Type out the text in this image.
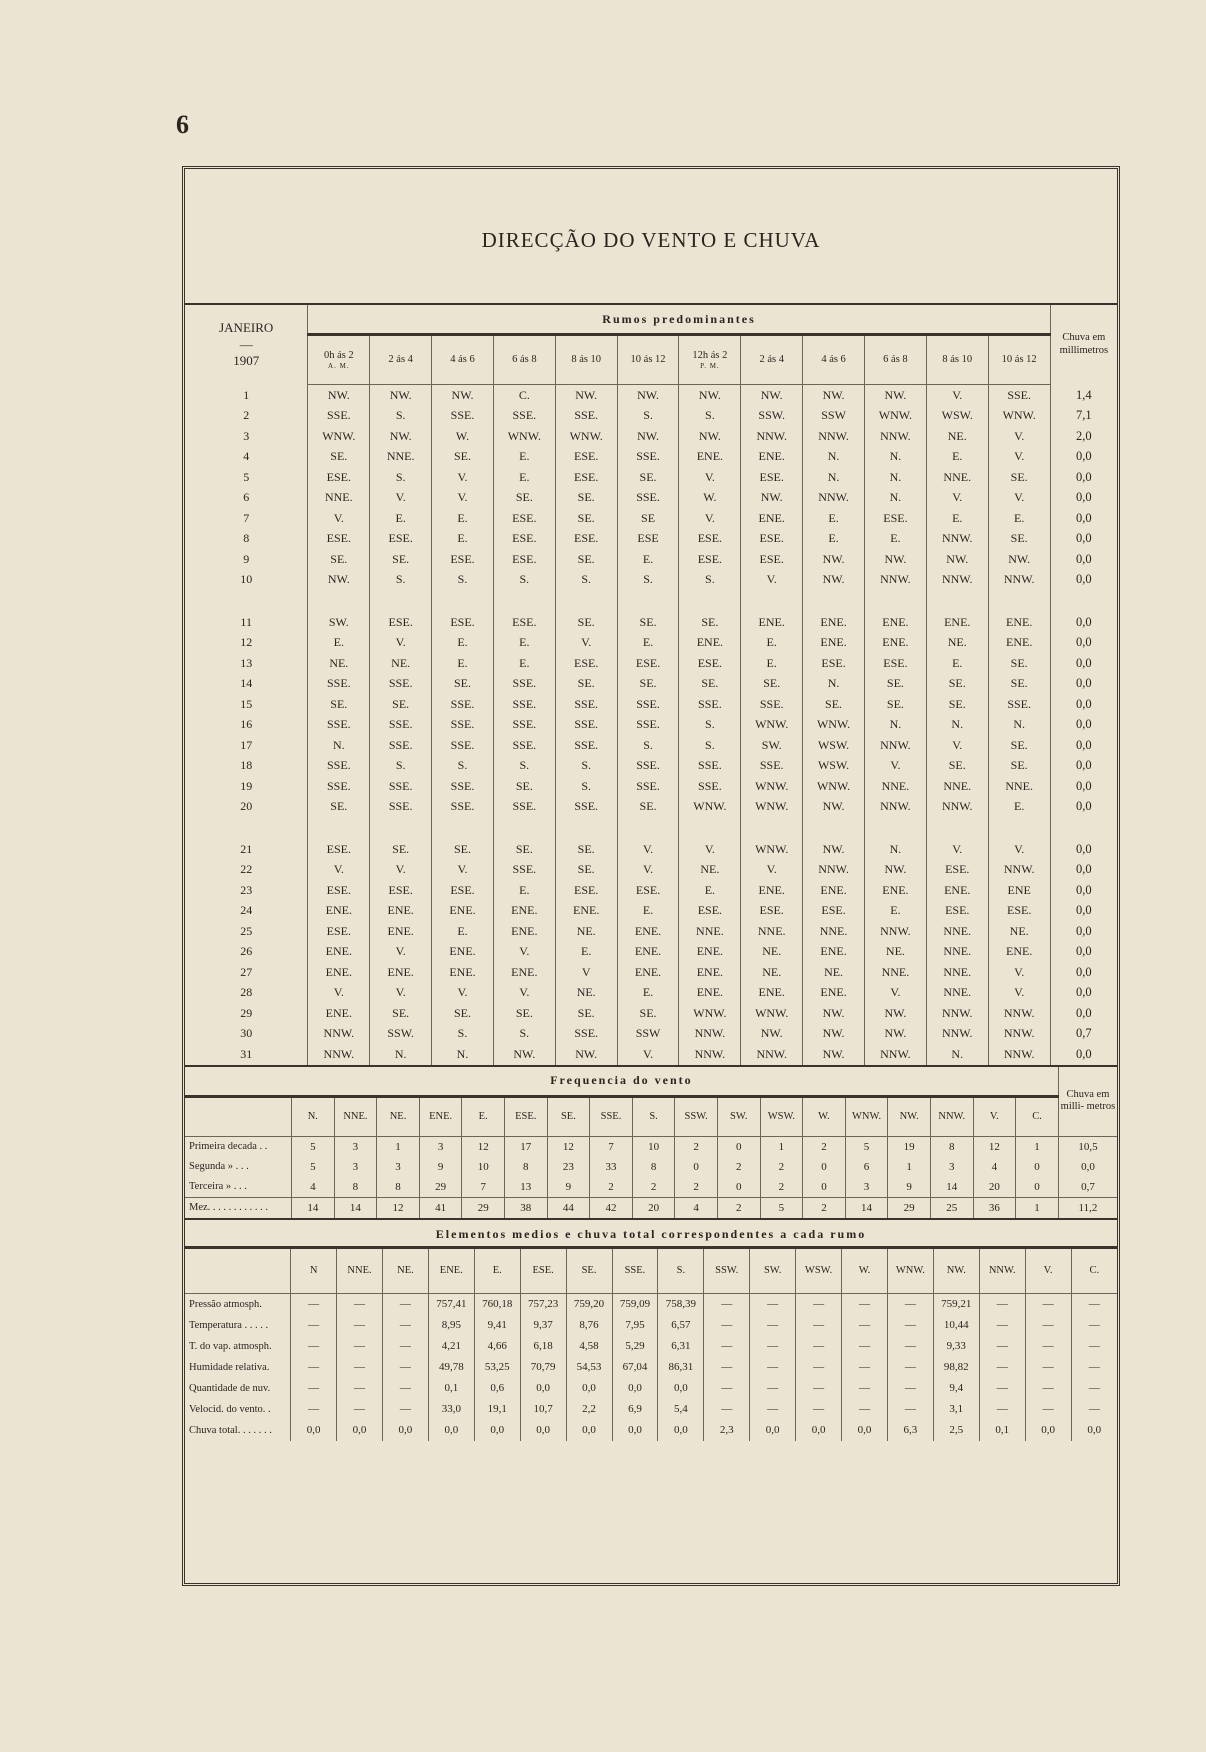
6
DIRECÇÃO DO VENTO E CHUVA
JANEIRO
—
1907	Rumos predominantes												Chuva em millimetros
	0h ás 2
A. M.	2 ás 4	4 ás 6	6 ás 8	8 ás 10	10 ás 12	12h ás 2
P. M.	2 ás 4	4 ás 6	6 ás 8	8 ás 10	10 ás 12	
1	NW.	NW.	NW.	C.	NW.	NW.	NW.	NW.	NW.	NW.	V.	SSE.	1,4
2	SSE.	S.	SSE.	SSE.	SSE.	S.	S.	SSW.	SSW	WNW.	WSW.	WNW.	7,1
3	WNW.	NW.	W.	WNW.	WNW.	NW.	NW.	NNW.	NNW.	NNW.	NE.	V.	2,0
4	SE.	NNE.	SE.	E.	ESE.	SSE.	ENE.	ENE.	N.	N.	E.	V.	0,0
5	ESE.	S.	V.	E.	ESE.	SE.	V.	ESE.	N.	N.	NNE.	SE.	0,0
6	NNE.	V.	V.	SE.	SE.	SSE.	W.	NW.	NNW.	N.	V.	V.	0,0
7	V.	E.	E.	ESE.	SE.	SE	V.	ENE.	E.	ESE.	E.	E.	0,0
8	ESE.	ESE.	E.	ESE.	ESE.	ESE	ESE.	ESE.	E.	E.	NNW.	SE.	0,0
9	SE.	SE.	ESE.	ESE.	SE.	E.	ESE.	ESE.	NW.	NW.	NW.	NW.	0,0
10	NW.	S.	S.	S.	S.	S.	S.	V.	NW.	NNW.	NNW.	NNW.	0,0

11	SW.	ESE.	ESE.	ESE.	SE.	SE.	SE.	ENE.	ENE.	ENE.	ENE.	ENE.	0,0
12	E.	V.	E.	E.	V.	E.	ENE.	E.	ENE.	ENE.	NE.	ENE.	0,0
13	NE.	NE.	E.	E.	ESE.	ESE.	ESE.	E.	ESE.	ESE.	E.	SE.	0,0
14	SSE.	SSE.	SE.	SSE.	SE.	SE.	SE.	SE.	N.	SE.	SE.	SE.	0,0
15	SE.	SE.	SSE.	SSE.	SSE.	SSE.	SSE.	SSE.	SE.	SE.	SE.	SSE.	0,0
16	SSE.	SSE.	SSE.	SSE.	SSE.	SSE.	S.	WNW.	WNW.	N.	N.	N.	0,0
17	N.	SSE.	SSE.	SSE.	SSE.	S.	S.	SW.	WSW.	NNW.	V.	SE.	0,0
18	SSE.	S.	S.	S.	S.	SSE.	SSE.	SSE.	WSW.	V.	SE.	SE.	0,0
19	SSE.	SSE.	SSE.	SE.	S.	SSE.	SSE.	WNW.	WNW.	NNE.	NNE.	NNE.	0,0
20	SE.	SSE.	SSE.	SSE.	SSE.	SE.	WNW.	WNW.	NW.	NNW.	NNW.	E.	0,0

21	ESE.	SE.	SE.	SE.	SE.	V.	V.	WNW.	NW.	N.	V.	V.	0,0
22	V.	V.	V.	SSE.	SE.	V.	NE.	V.	NNW.	NW.	ESE.	NNW.	0,0
23	ESE.	ESE.	ESE.	E.	ESE.	ESE.	E.	ENE.	ENE.	ENE.	ENE.	ENE	0,0
24	ENE.	ENE.	ENE.	ENE.	ENE.	E.	ESE.	ESE.	ESE.	E.	ESE.	ESE.	0,0
25	ESE.	ENE.	E.	ENE.	NE.	ENE.	NNE.	NNE.	NNE.	NNW.	NNE.	NE.	0,0
26	ENE.	V.	ENE.	V.	E.	ENE.	ENE.	NE.	ENE.	NE.	NNE.	ENE.	0,0
27	ENE.	ENE.	ENE.	ENE.	V	ENE.	ENE.	NE.	NE.	NNE.	NNE.	V.	0,0
28	V.	V.	V.	V.	NE.	E.	ENE.	ENE.	ENE.	V.	NNE.	V.	0,0
29	ENE.	SE.	SE.	SE.	SE.	SE.	WNW.	WNW.	NW.	NW.	NNW.	NNW.	0,0
30	NNW.	SSW.	S.	S.	SSE.	SSW	NNW.	NW.	NW.	NW.	NNW.	NNW.	0,7
31	NNW.	N.	N.	NW.	NW.	V.	NNW.	NNW.	NW.	NNW.	N.	NNW.	0,0
Frequencia do vento																			Chuva em milli- metros
	N.	NNE.	NE.	ENE.	E.	ESE.	SE.	SSE.	S.	SSW.	SW.	WSW.	W.	WNW.	NW.	NNW.	V.	C.	
Primeira decada . .	5	3	1	3	12	17	12	7	10	2	0	1	2	5	19	8	12	1	10,5
Segunda » . . .	5	3	3	9	10	8	23	33	8	0	2	2	0	6	1	3	4	0	0,0
Terceira » . . .	4	8	8	29	7	13	9	2	2	2	0	2	0	3	9	14	20	0	0,7
Mez. . . . . . . . . . . .	14	14	12	41	29	38	44	42	20	4	2	5	2	14	29	25	36	1	11,2
Elementos medios e chuva total correspondentes a cada rumo
	N	NNE.	NE.	ENE.	E.	ESE.	SE.	SSE.	S.	SSW.	SW.	WSW.	W.	WNW.	NW.	NNW.	V.	C.
Pressão atmosph.	—	—	—	757,41	760,18	757,23	759,20	759,09	758,39	—	—	—	—	—	759,21	—	—	—
Temperatura . . . . .	—	—	—	8,95	9,41	9,37	8,76	7,95	6,57	—	—	—	—	—	10,44	—	—	—
T. do vap. atmosph.	—	—	—	4,21	4,66	6,18	4,58	5,29	6,31	—	—	—	—	—	9,33	—	—	—
Humidade relativa.	—	—	—	49,78	53,25	70,79	54,53	67,04	86,31	—	—	—	—	—	98,82	—	—	—
Quantidade de nuv.	—	—	—	0,1	0,6	0,0	0,0	0,0	0,0	—	—	—	—	—	9,4	—	—	—
Velocid. do vento. .	—	—	—	33,0	19,1	10,7	2,2	6,9	5,4	—	—	—	—	—	3,1	—	—	—
Chuva total. . . . . . .	0,0	0,0	0,0	0,0	0,0	0,0	0,0	0,0	0,0	2,3	0,0	0,0	0,0	6,3	2,5	0,1	0,0	0,0
